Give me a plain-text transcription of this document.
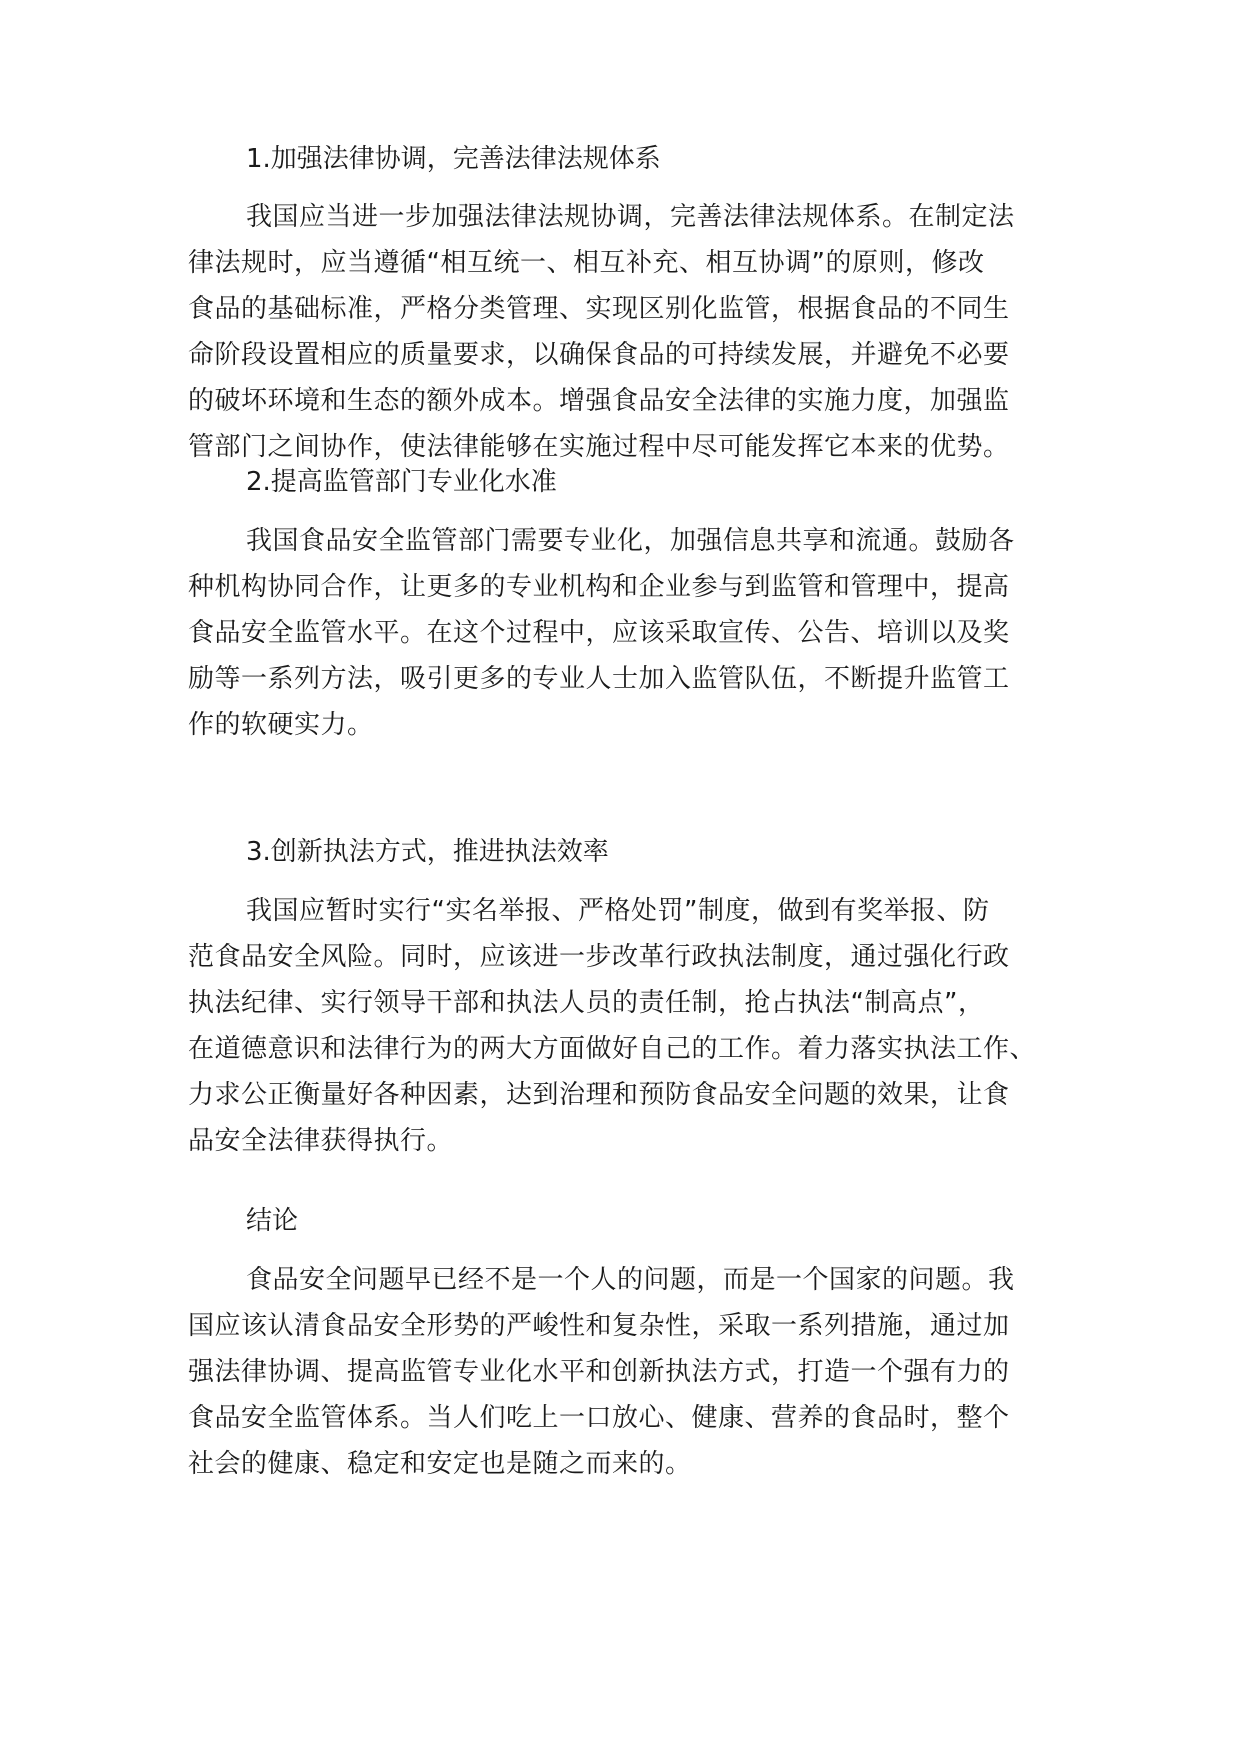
1.加强法律协调，完善法律法规体系
我国应当进一步加强法律法规协调，完善法律法规体系。在制定法
律法规时，应当遵循“相互统一、相互补充、相互协调”的原则，修改
食品的基础标准，严格分类管理、实现区别化监管，根据食品的不同生
命阶段设置相应的质量要求，以确保食品的可持续发展，并避免不必要
的破坏环境和生态的额外成本。增强食品安全法律的实施力度，加强监
管部门之间协作，使法律能够在实施过程中尽可能发挥它本来的优势。
2.提高监管部门专业化水准
我国食品安全监管部门需要专业化，加强信息共享和流通。鼓励各
种机构协同合作，让更多的专业机构和企业参与到监管和管理中，提高
食品安全监管水平。在这个过程中，应该采取宣传、公告、培训以及奖
励等一系列方法，吸引更多的专业人士加入监管队伍，不断提升监管工
作的软硬实力。
3.创新执法方式，推进执法效率
我国应暂时实行“实名举报、严格处罚”制度，做到有奖举报、防
范食品安全风险。同时，应该进一步改革行政执法制度，通过强化行政
执法纪律、实行领导干部和执法人员的责任制，抢占执法“制高点”，
在道德意识和法律行为的两大方面做好自己的工作。着力落实执法工作、
力求公正衡量好各种因素，达到治理和预防食品安全问题的效果，让食
品安全法律获得执行。
结论
食品安全问题早已经不是一个人的问题，而是一个国家的问题。我
国应该认清食品安全形势的严峻性和复杂性，采取一系列措施，通过加
强法律协调、提高监管专业化水平和创新执法方式，打造一个强有力的
食品安全监管体系。当人们吃上一口放心、健康、营养的食品时，整个
社会的健康、稳定和安定也是随之而来的。
